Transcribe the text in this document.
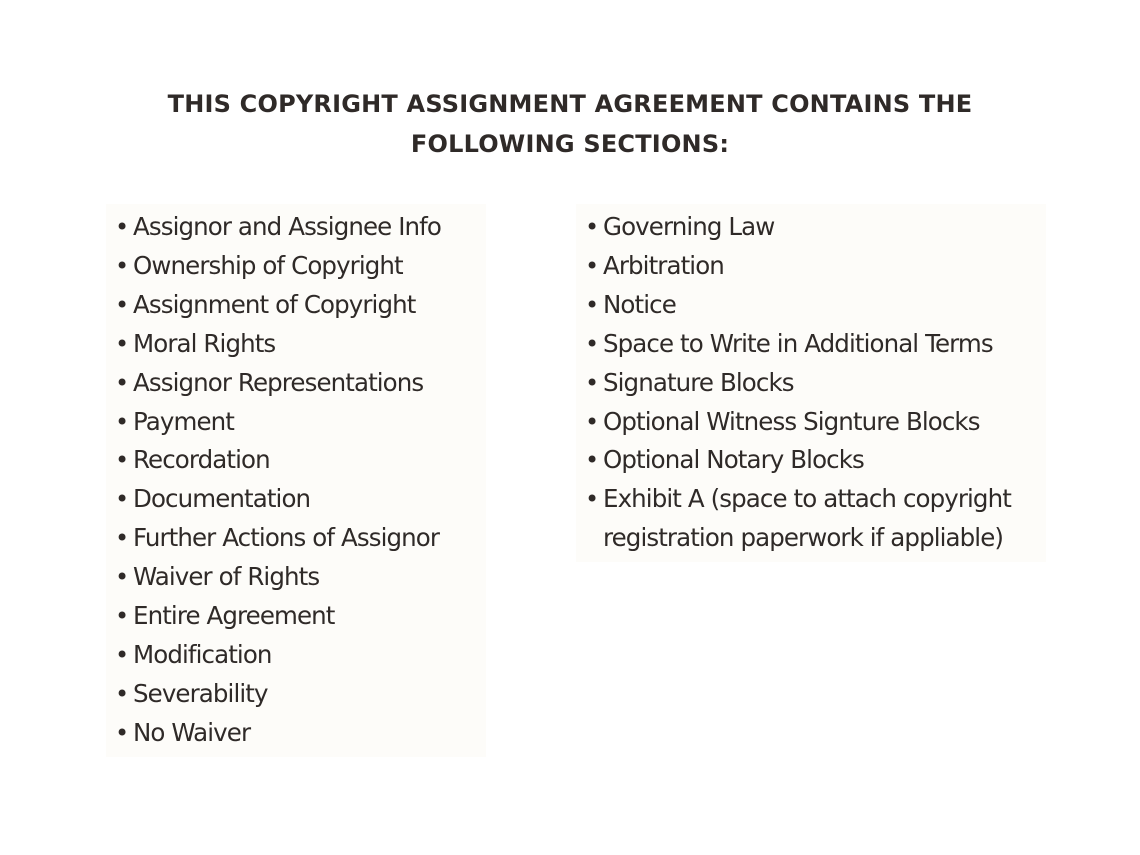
THIS COPYRIGHT ASSIGNMENT AGREEMENT CONTAINS THE
FOLLOWING SECTIONS:
• Assignor and Assignee Info
• Ownership of Copyright
• Assignment of Copyright
• Moral Rights
• Assignor Representations
• Payment
• Recordation
• Documentation
• Further Actions of Assignor
• Waiver of Rights
• Entire Agreement
• Modification
• Severability
• No Waiver
• Governing Law
• Arbitration
• Notice
• Space to Write in Additional Terms
• Signature Blocks
• Optional Witness Signture Blocks
• Optional Notary Blocks
• Exhibit A (space to attach copyright registration paperwork if appliable)
